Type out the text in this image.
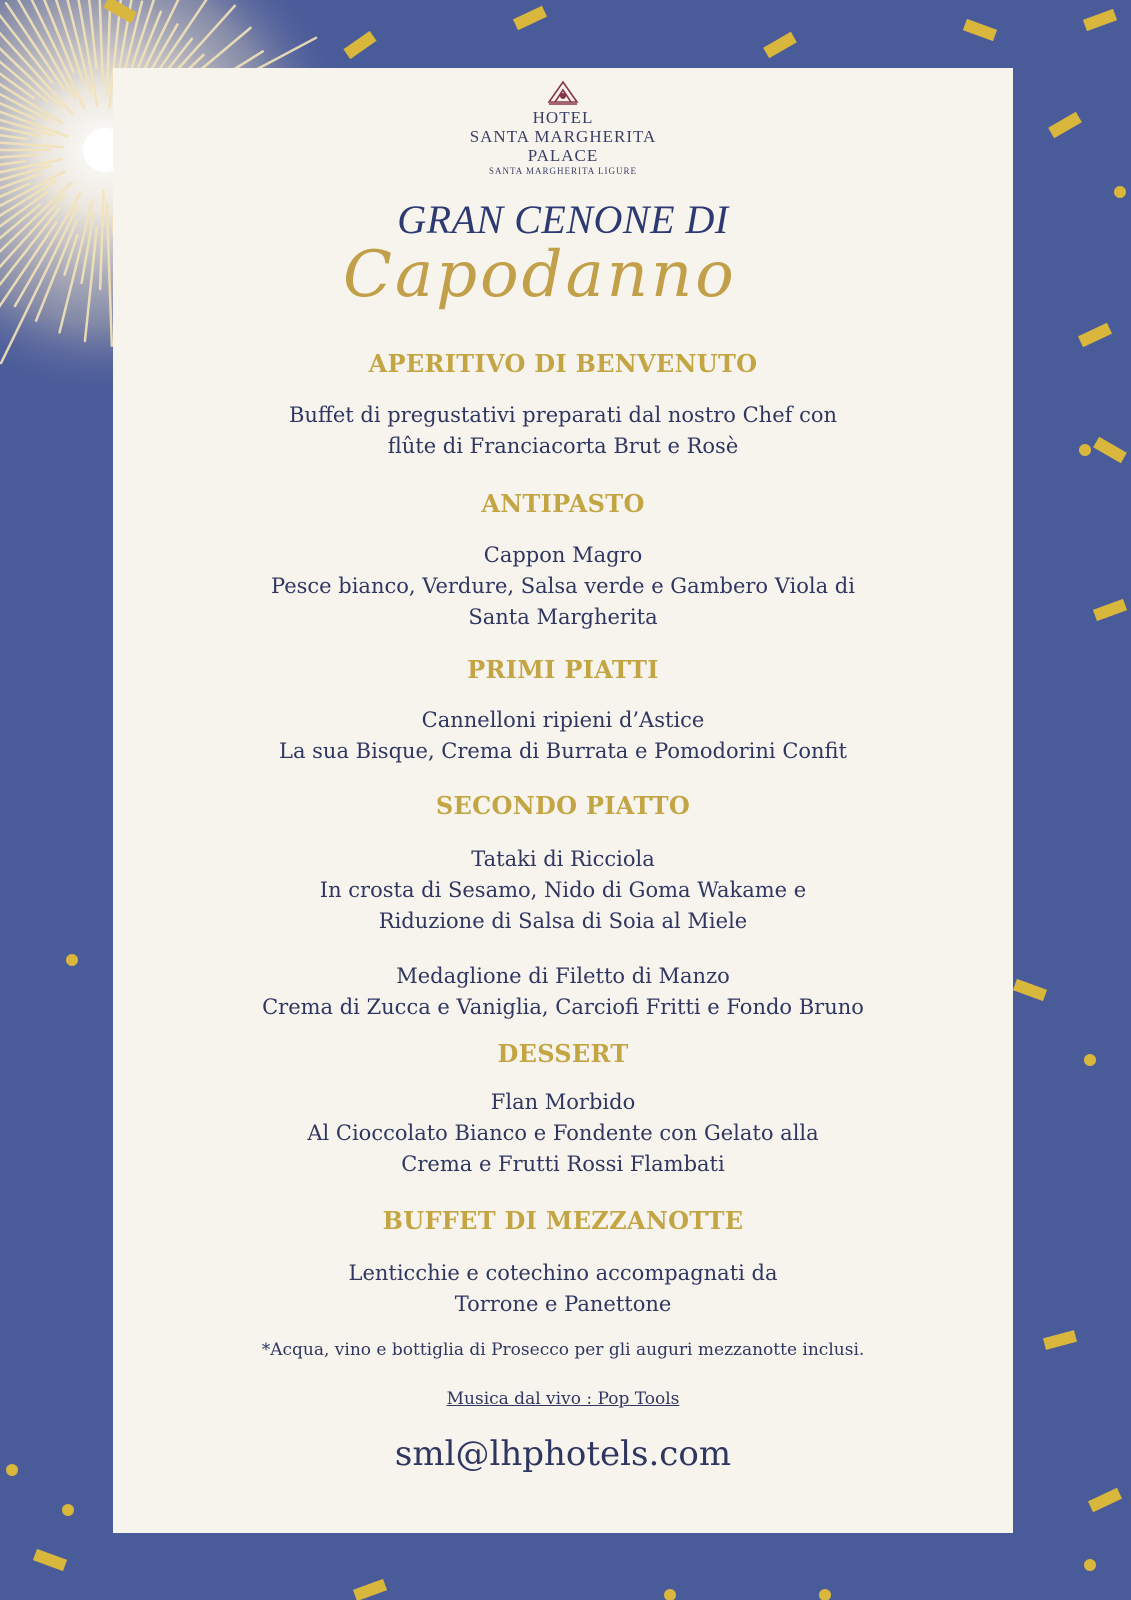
HOTEL
SANTA MARGHERITA
PALACE
SANTA MARGHERITA LIGURE
GRAN CENONE DI
Capodanno
APERITIVO DI BENVENUTO
Buffet di pregustativi preparati dal nostro Chef con
flûte di Franciacorta Brut e Rosè
ANTIPASTO
Cappon Magro
Pesce bianco, Verdure, Salsa verde e Gambero Viola di
Santa Margherita
PRIMI PIATTI
Cannelloni ripieni d’Astice
La sua Bisque, Crema di Burrata e Pomodorini Confit
SECONDO PIATTO
Tataki di Ricciola
In crosta di Sesamo, Nido di Goma Wakame e
Riduzione di Salsa di Soia al Miele
Medaglione di Filetto di Manzo
Crema di Zucca e Vaniglia, Carciofi Fritti e Fondo Bruno
DESSERT
Flan Morbido
Al Cioccolato Bianco e Fondente con Gelato alla
Crema e Frutti Rossi Flambati
BUFFET DI MEZZANOTTE
Lenticchie e cotechino accompagnati da
Torrone e Panettone
*Acqua, vino e bottiglia di Prosecco per gli auguri mezzanotte inclusi.
Musica dal vivo : Pop Tools
sml@lhphotels.com
